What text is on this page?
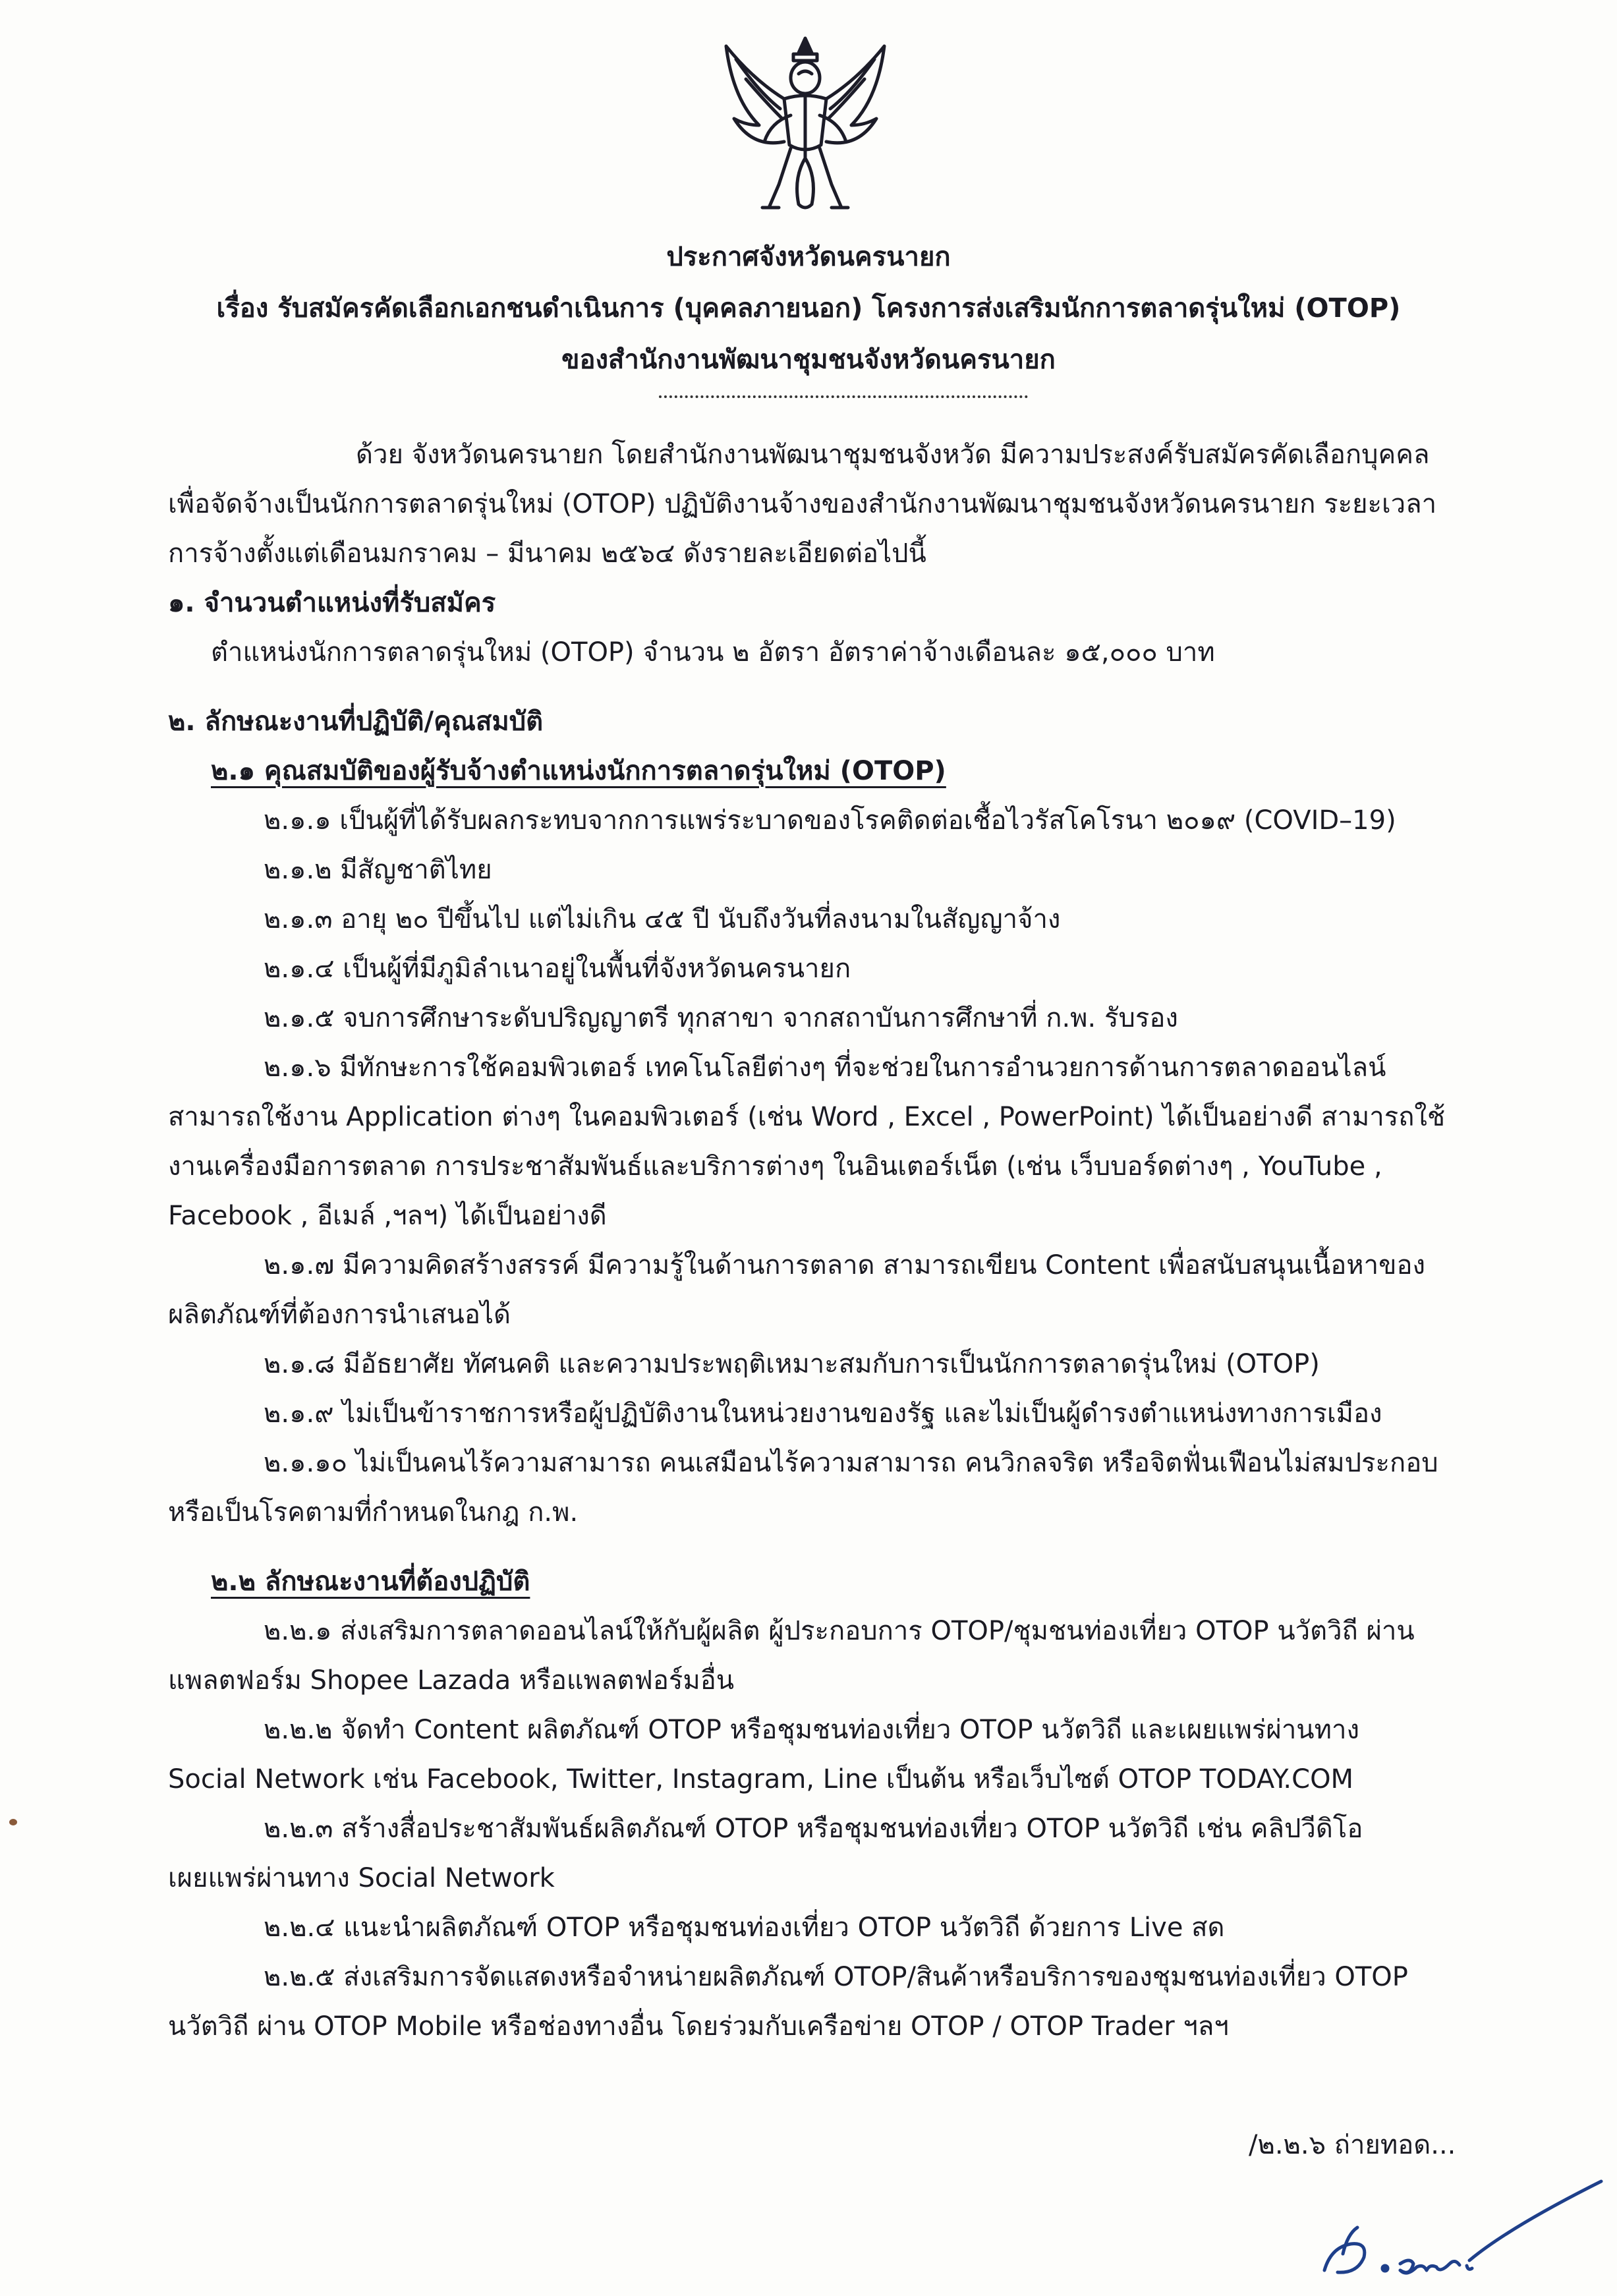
ประกาศจังหวัดนครนายก
เรื่อง รับสมัครคัดเลือกเอกชนดำเนินการ (บุคคลภายนอก) โครงการส่งเสริมนักการตลาดรุ่นใหม่ (OTOP)
ของสำนักงานพัฒนาชุมชนจังหวัดนครนายก
ด้วย จังหวัดนครนายก โดยสำนักงานพัฒนาชุมชนจังหวัด มีความประสงค์รับสมัครคัดเลือกบุคคล
เพื่อจัดจ้างเป็นนักการตลาดรุ่นใหม่ (OTOP) ปฏิบัติงานจ้างของสำนักงานพัฒนาชุมชนจังหวัดนครนายก ระยะเวลา
การจ้างตั้งแต่เดือนมกราคม – มีนาคม ๒๕๖๔ ดังรายละเอียดต่อไปนี้
๑. จำนวนตำแหน่งที่รับสมัคร
ตำแหน่งนักการตลาดรุ่นใหม่ (OTOP) จำนวน ๒ อัตรา อัตราค่าจ้างเดือนละ ๑๕,๐๐๐ บาท
๒. ลักษณะงานที่ปฏิบัติ/คุณสมบัติ
๒.๑ คุณสมบัติของผู้รับจ้างตำแหน่งนักการตลาดรุ่นใหม่ (OTOP)
๒.๑.๑ เป็นผู้ที่ได้รับผลกระทบจากการแพร่ระบาดของโรคติดต่อเชื้อไวรัสโคโรนา ๒๐๑๙ (COVID–19)
๒.๑.๒ มีสัญชาติไทย
๒.๑.๓ อายุ ๒๐ ปีขึ้นไป แต่ไม่เกิน ๔๕ ปี นับถึงวันที่ลงนามในสัญญาจ้าง
๒.๑.๔ เป็นผู้ที่มีภูมิลำเนาอยู่ในพื้นที่จังหวัดนครนายก
๒.๑.๕ จบการศึกษาระดับปริญญาตรี ทุกสาขา จากสถาบันการศึกษาที่ ก.พ. รับรอง
๒.๑.๖ มีทักษะการใช้คอมพิวเตอร์ เทคโนโลยีต่างๆ ที่จะช่วยในการอำนวยการด้านการตลาดออนไลน์
สามารถใช้งาน Application ต่างๆ ในคอมพิวเตอร์ (เช่น Word , Excel , PowerPoint) ได้เป็นอย่างดี สามารถใช้
งานเครื่องมือการตลาด การประชาสัมพันธ์และบริการต่างๆ ในอินเตอร์เน็ต (เช่น เว็บบอร์ดต่างๆ , YouTube ,
Facebook , อีเมล์ ,ฯลฯ) ได้เป็นอย่างดี
๒.๑.๗ มีความคิดสร้างสรรค์ มีความรู้ในด้านการตลาด สามารถเขียน Content เพื่อสนับสนุนเนื้อหาของ
ผลิตภัณฑ์ที่ต้องการนำเสนอได้
๒.๑.๘ มีอัธยาศัย ทัศนคติ และความประพฤติเหมาะสมกับการเป็นนักการตลาดรุ่นใหม่ (OTOP)
๒.๑.๙ ไม่เป็นข้าราชการหรือผู้ปฏิบัติงานในหน่วยงานของรัฐ และไม่เป็นผู้ดำรงตำแหน่งทางการเมือง
๒.๑.๑๐ ไม่เป็นคนไร้ความสามารถ คนเสมือนไร้ความสามารถ คนวิกลจริต หรือจิตฟั่นเฟือนไม่สมประกอบ
หรือเป็นโรคตามที่กำหนดในกฎ ก.พ.
๒.๒ ลักษณะงานที่ต้องปฏิบัติ
๒.๒.๑ ส่งเสริมการตลาดออนไลน์ให้กับผู้ผลิต ผู้ประกอบการ OTOP/ชุมชนท่องเที่ยว OTOP นวัตวิถี ผ่าน
แพลตฟอร์ม Shopee Lazada หรือแพลตฟอร์มอื่น
๒.๒.๒ จัดทำ Content ผลิตภัณฑ์ OTOP หรือชุมชนท่องเที่ยว OTOP นวัตวิถี และเผยแพร่ผ่านทาง
Social Network เช่น Facebook, Twitter, Instagram, Line เป็นต้น หรือเว็บไซต์ OTOP TODAY.COM
๒.๒.๓ สร้างสื่อประชาสัมพันธ์ผลิตภัณฑ์ OTOP หรือชุมชนท่องเที่ยว OTOP นวัตวิถี เช่น คลิปวีดิโอ
เผยแพร่ผ่านทาง Social Network
๒.๒.๔ แนะนำผลิตภัณฑ์ OTOP หรือชุมชนท่องเที่ยว OTOP นวัตวิถี ด้วยการ Live สด
๒.๒.๕ ส่งเสริมการจัดแสดงหรือจำหน่ายผลิตภัณฑ์ OTOP/สินค้าหรือบริการของชุมชนท่องเที่ยว OTOP
นวัตวิถี ผ่าน OTOP Mobile หรือช่องทางอื่น โดยร่วมกับเครือข่าย OTOP / OTOP Trader ฯลฯ
/๒.๒.๖ ถ่ายทอด...
